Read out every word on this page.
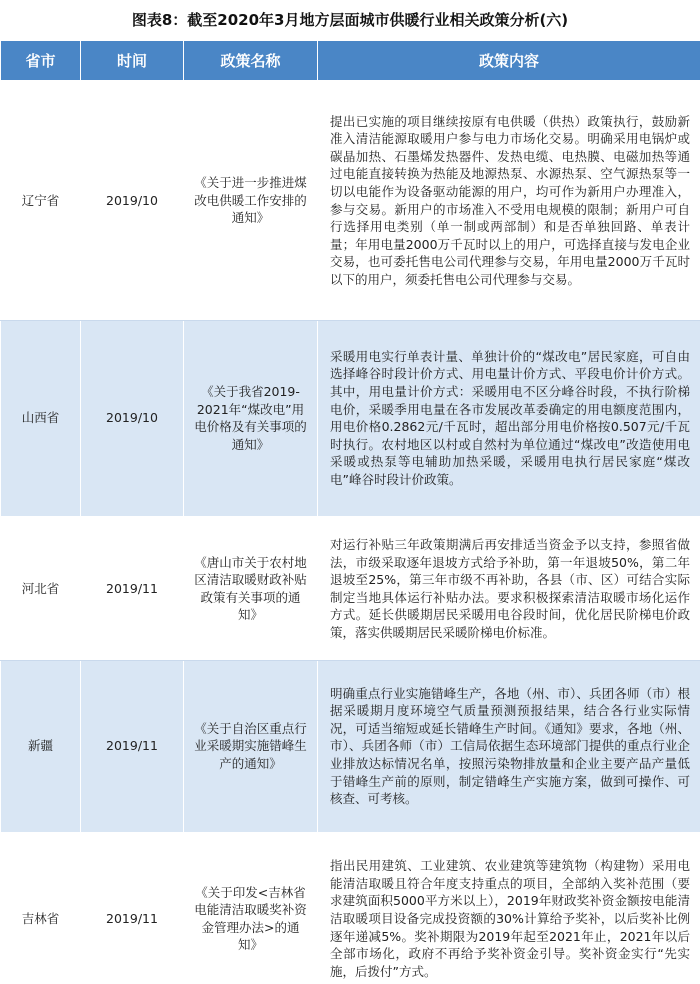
图表8：截至2020年3月地方层面城市供暖行业相关政策分析(六)
省市	时间	政策名称	政策内容
辽宁省	2019/10	《关于进一步推进煤改电供暖工作安排的通知》	提出已实施的项目继续按原有电供暖（供热）政策执行，鼓励新准入清洁能源取暖用户参与电力市场化交易。明确采用电锅炉或碳晶加热、石墨烯发热器件、发热电缆、电热膜、电磁加热等通过电能直接转换为热能及地源热泵、水源热泵、空气源热泵等一切以电能作为设备驱动能源的用户，均可作为新用户办理准入，参与交易。新用户的市场准入不受用电规模的限制；新用户可自行选择用电类别（单一制或两部制）和是否单独回路、单表计量；年用电量2000万千瓦时以上的用户，可选择直接与发电企业交易，也可委托售电公司代理参与交易，年用电量2000万千瓦时以下的用户，须委托售电公司代理参与交易。
山西省	2019/10	《关于我省2019-2021年“煤改电”用电价格及有关事项的通知》	采暖用电实行单表计量、单独计价的“煤改电”居民家庭，可自由选择峰谷时段计价方式、用电量计价方式、平段电价计价方式。其中，用电量计价方式：采暖用电不区分峰谷时段，不执行阶梯电价，采暖季用电量在各市发展改革委确定的用电额度范围内，用电价格0.2862元/千瓦时，超出部分用电价格按0.507元/千瓦时执行。农村地区以村或自然村为单位通过“煤改电”改造使用电采暖或热泵等电辅助加热采暖，采暖用电执行居民家庭“煤改电”峰谷时段计价政策。
河北省	2019/11	《唐山市关于农村地区清洁取暖财政补贴政策有关事项的通知》	对运行补贴三年政策期满后再安排适当资金予以支持，参照省做法，市级采取逐年退坡方式给予补助，第一年退坡50%，第二年退坡至25%，第三年市级不再补助，各县（市、区）可结合实际制定当地具体运行补贴办法。要求积极探索清洁取暖市场化运作方式。延长供暖期居民采暖用电谷段时间，优化居民阶梯电价政策，落实供暖期居民采暖阶梯电价标准。
新疆	2019/11	《关于自治区重点行业采暖期实施错峰生产的通知》	明确重点行业实施错峰生产，各地（州、市）、兵团各师（市）根据采暖期月度环境空气质量预测预报结果，结合各行业实际情况，可适当缩短或延长错峰生产时间。《通知》要求，各地（州、市）、兵团各师（市）工信局依据生态环境部门提供的重点行业企业排放达标情况名单，按照污染物排放量和企业主要产品产量低于错峰生产前的原则，制定错峰生产实施方案，做到可操作、可核查、可考核。
吉林省	2019/11	《关于印发<吉林省电能清洁取暖奖补资金管理办法>的通知》	指出民用建筑、工业建筑、农业建筑等建筑物（构建物）采用电能清洁取暖且符合年度支持重点的项目，全部纳入奖补范围（要求建筑面积5000平方米以上），2019年财政奖补资金额按电能清洁取暖项目设备完成投资额的30%计算给予奖补，以后奖补比例逐年递减5%。奖补期限为2019年起至2021年止，2021年以后全部市场化，政府不再给予奖补资金引导。奖补资金实行“先实施，后拨付”方式。
